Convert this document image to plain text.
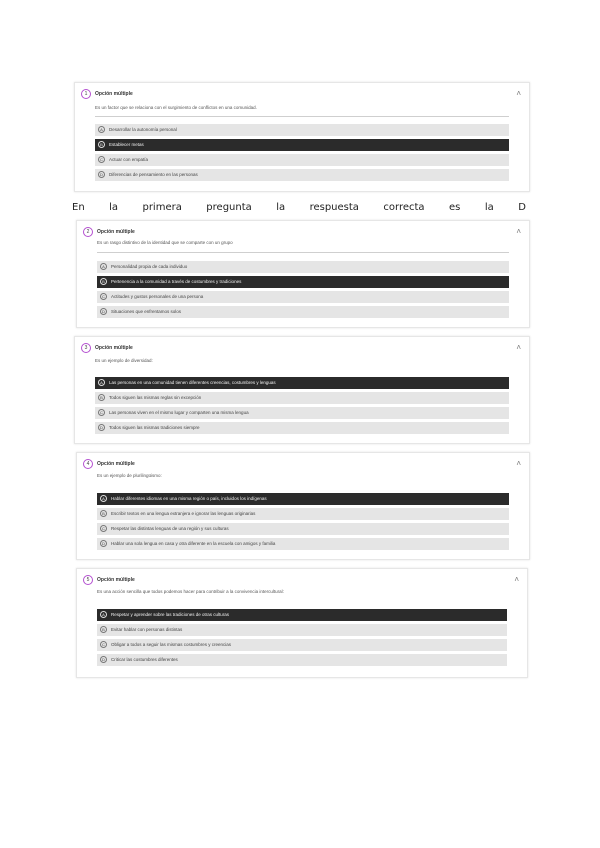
En la primera pregunta la respuesta correcta es la D
1	Opción múltiple	˄
Es un factor que se relaciona con el surgimiento de conflictos en una comunidad.
A	Desarrollar la autonomía personal
B	Establecer metas
C	Actuar con empatía
D	Diferencias de pensamiento en las personas
2	Opción múltiple	˄
Es un rasgo distintivo de la identidad que se comparte con un grupo
A	Personalidad propia de cada individuo
B	Pertenencia a la comunidad a través de costumbres y tradiciones
C	Actitudes y gustos personales de una persona
D	Situaciones que enfrentamos solos
3	Opción múltiple	˄
Es un ejemplo de diversidad:
A	Las personas en una comunidad tienen diferentes creencias, costumbres y lenguas
B	Todos siguen las mismas reglas sin excepción
C	Las personas viven en el mismo lugar y comparten una misma lengua
D	Todos siguen las mismas tradiciones siempre
4	Opción múltiple	˄
Es un ejemplo de plurilingüismo:
A	Hablar diferentes idiomas en una misma región o país, incluidos los indígenas
B	Escribir textos en una lengua extranjera e ignorar las lenguas originarias
C	Respetar las distintas lenguas de una región y sus culturas
D	Hablar una sola lengua en casa y otra diferente en la escuela con amigos y familia
5	Opción múltiple	˄
Es una acción sencilla que todos podemos hacer para contribuir a la convivencia intercultural:
A	Respetar y aprender sobre las tradiciones de otras culturas
B	Evitar hablar con personas distintas
C	Obligar a todos a seguir las mismas costumbres y creencias
D	Criticar las costumbres diferentes
